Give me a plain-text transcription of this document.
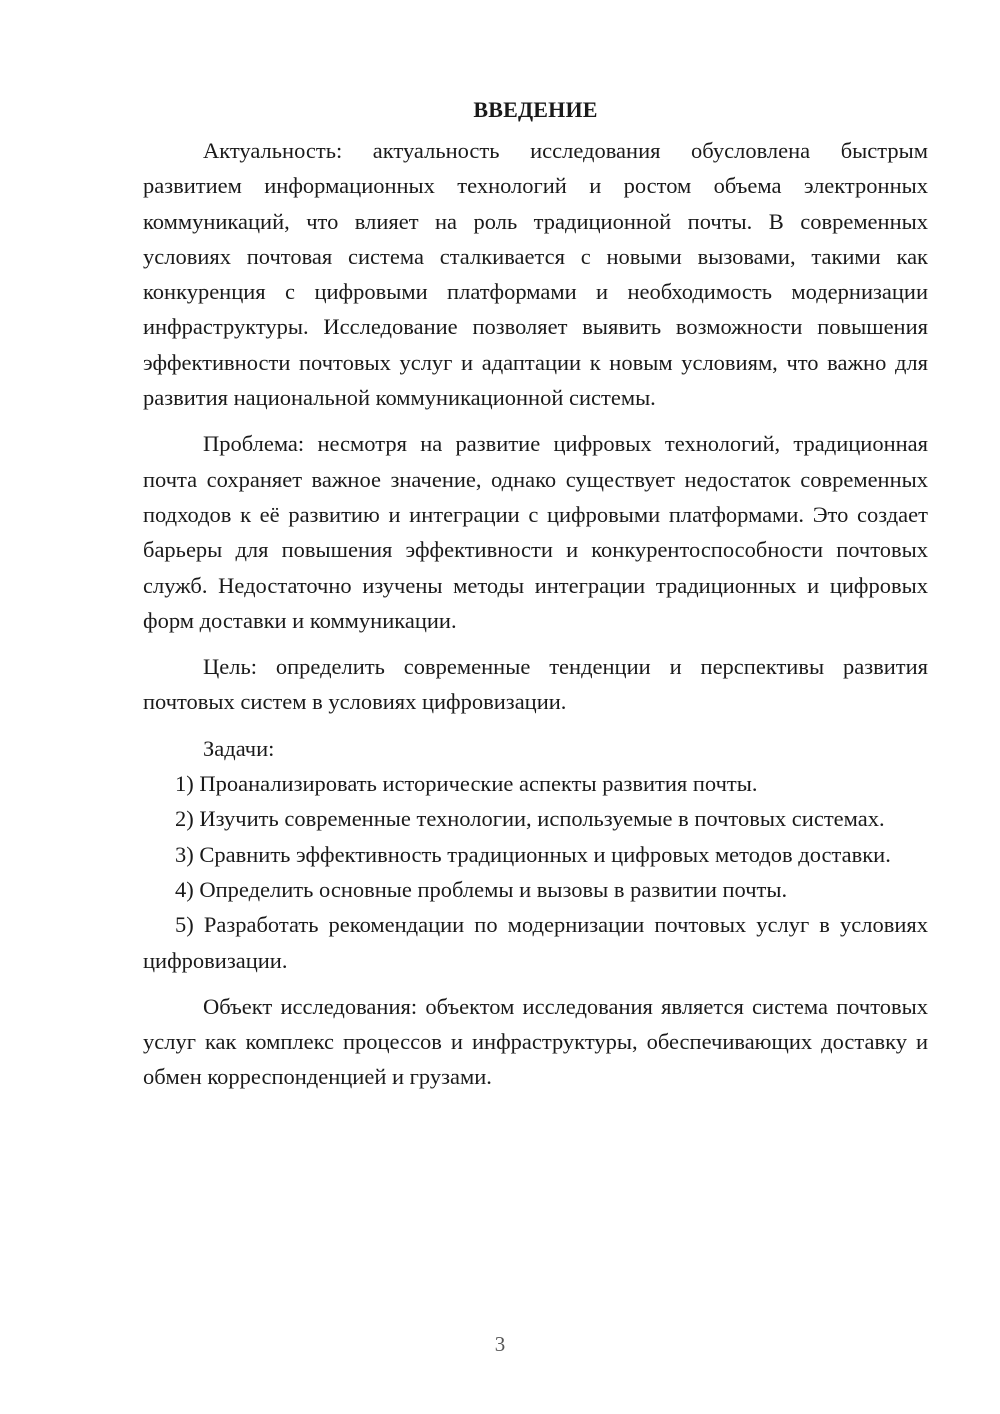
ВВЕДЕНИЕ

Актуальность: актуальность исследования обусловлена быстрым развитием информационных технологий и ростом объема электронных коммуникаций, что влияет на роль традиционной почты. В современных условиях почтовая система сталкивается с новыми вызовами, такими как конкуренция с цифровыми платформами и необходимость модернизации инфраструктуры. Исследование позволяет выявить возможности повышения эффективности почтовых услуг и адаптации к новым условиям, что важно для развития национальной коммуникационной системы.

Проблема: несмотря на развитие цифровых технологий, традиционная почта сохраняет важное значение, однако существует недостаток современных подходов к её развитию и интеграции с цифровыми платформами. Это создает барьеры для повышения эффективности и конкурентоспособности почтовых служб. Недостаточно изучены методы интеграции традиционных и цифровых форм доставки и коммуникации.

Цель: определить современные тенденции и перспективы развития почтовых систем в условиях цифровизации.

Задачи:

1) Проанализировать исторические аспекты развития почты.

2) Изучить современные технологии, используемые в почтовых системах.

3) Сравнить эффективность традиционных и цифровых методов доставки.

4) Определить основные проблемы и вызовы в развитии почты.

5) Разработать рекомендации по модернизации почтовых услуг в условиях цифровизации.

Объект исследования: объектом исследования является система почтовых услуг как комплекс процессов и инфраструктуры, обеспечивающих доставку и обмен корреспонденцией и грузами.

3
